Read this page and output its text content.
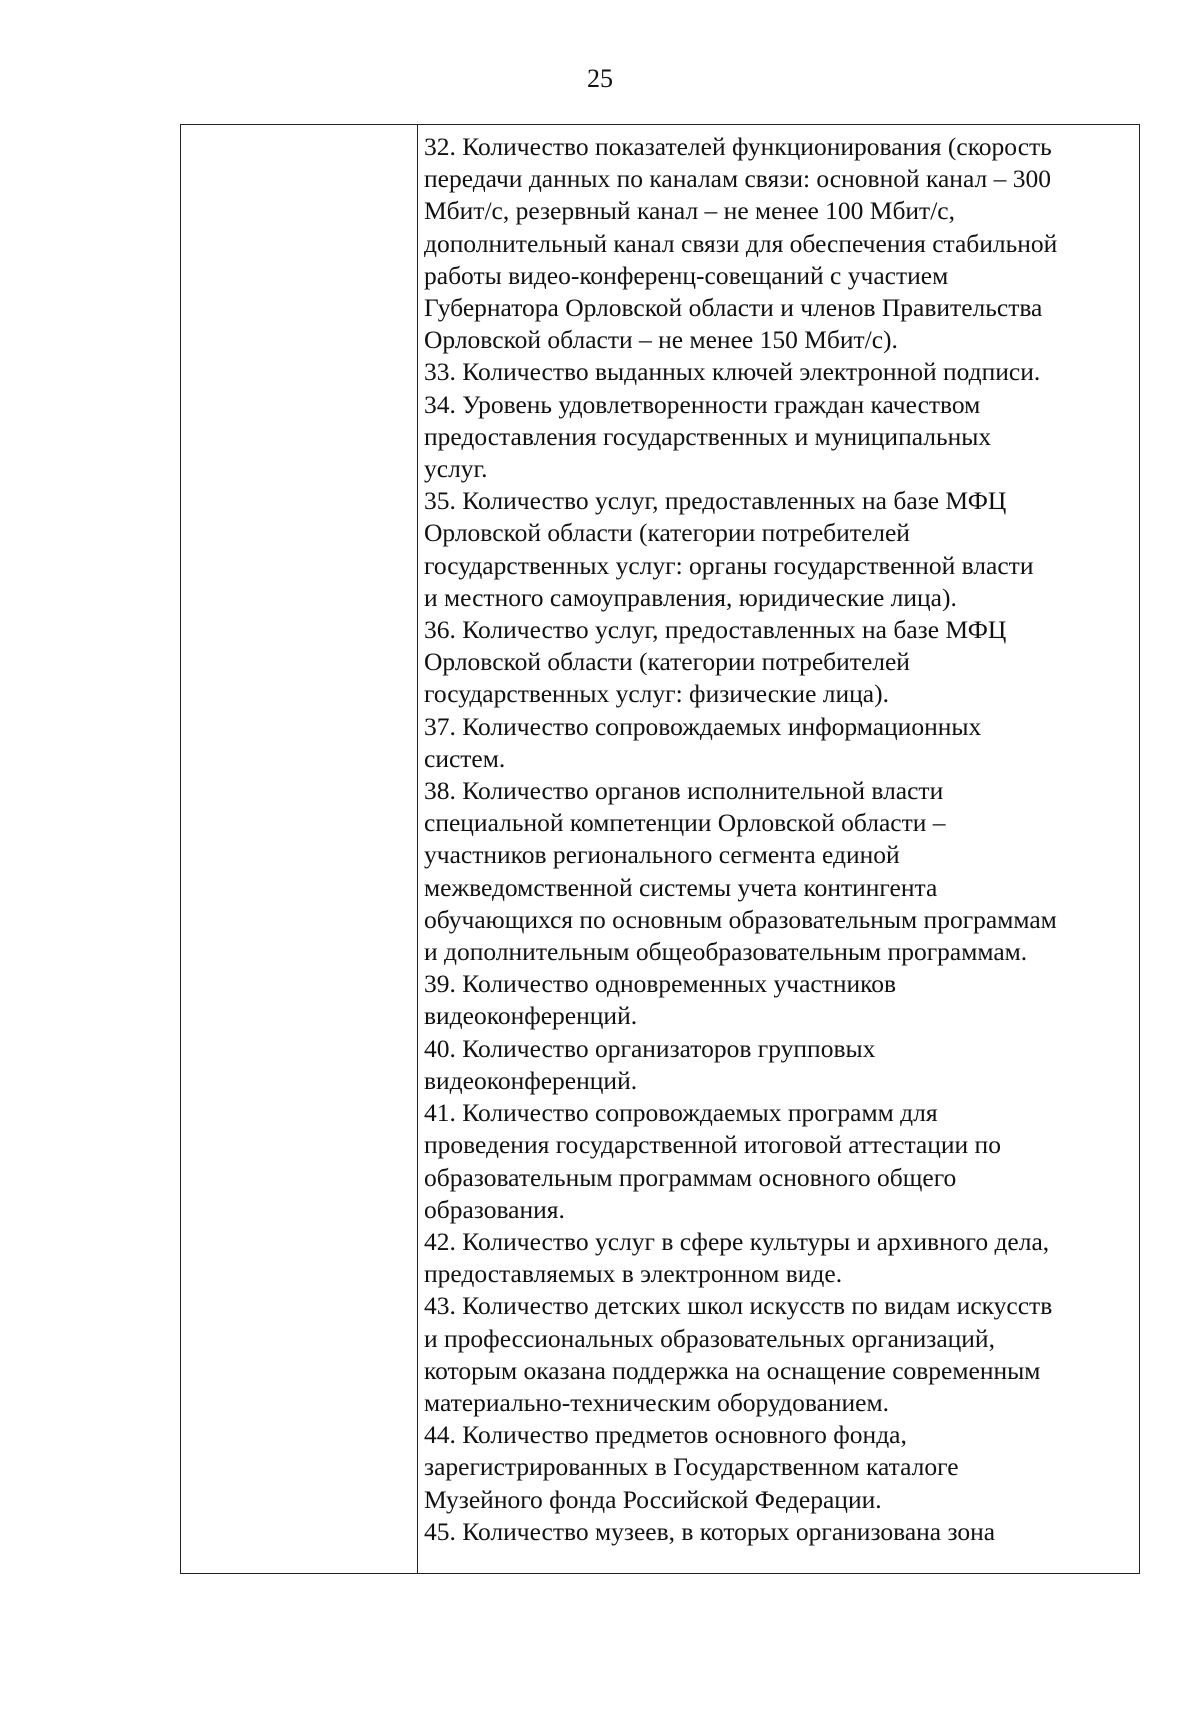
25
32. Количество показателей функционирования (скорость
передачи данных по каналам связи: основной канал – 300
Мбит/с, резервный канал – не менее 100 Мбит/с,
дополнительный канал связи для обеспечения стабильной
работы видео-конференц-совещаний с участием
Губернатора Орловской области и членов Правительства
Орловской области – не менее 150 Мбит/с).
33. Количество выданных ключей электронной подписи.
34. Уровень удовлетворенности граждан качеством
предоставления государственных и муниципальных
услуг.
35. Количество услуг, предоставленных на базе МФЦ
Орловской области (категории потребителей
государственных услуг: органы государственной власти
и местного самоуправления, юридические лица).
36. Количество услуг, предоставленных на базе МФЦ
Орловской области (категории потребителей
государственных услуг: физические лица).
37. Количество сопровождаемых информационных
систем.
38. Количество органов исполнительной власти
специальной компетенции Орловской области –
участников регионального сегмента единой
межведомственной системы учета контингента
обучающихся по основным образовательным программам
и дополнительным общеобразовательным программам.
39. Количество одновременных участников
видеоконференций.
40. Количество организаторов групповых
видеоконференций.
41. Количество сопровождаемых программ для
проведения государственной итоговой аттестации по
образовательным программам основного общего
образования.
42. Количество услуг в сфере культуры и архивного дела,
предоставляемых в электронном виде.
43. Количество детских школ искусств по видам искусств
и профессиональных образовательных организаций,
которым оказана поддержка на оснащение современным
материально-техническим оборудованием.
44. Количество предметов основного фонда,
зарегистрированных в Государственном каталоге
Музейного фонда Российской Федерации.
45. Количество музеев, в которых организована зона
